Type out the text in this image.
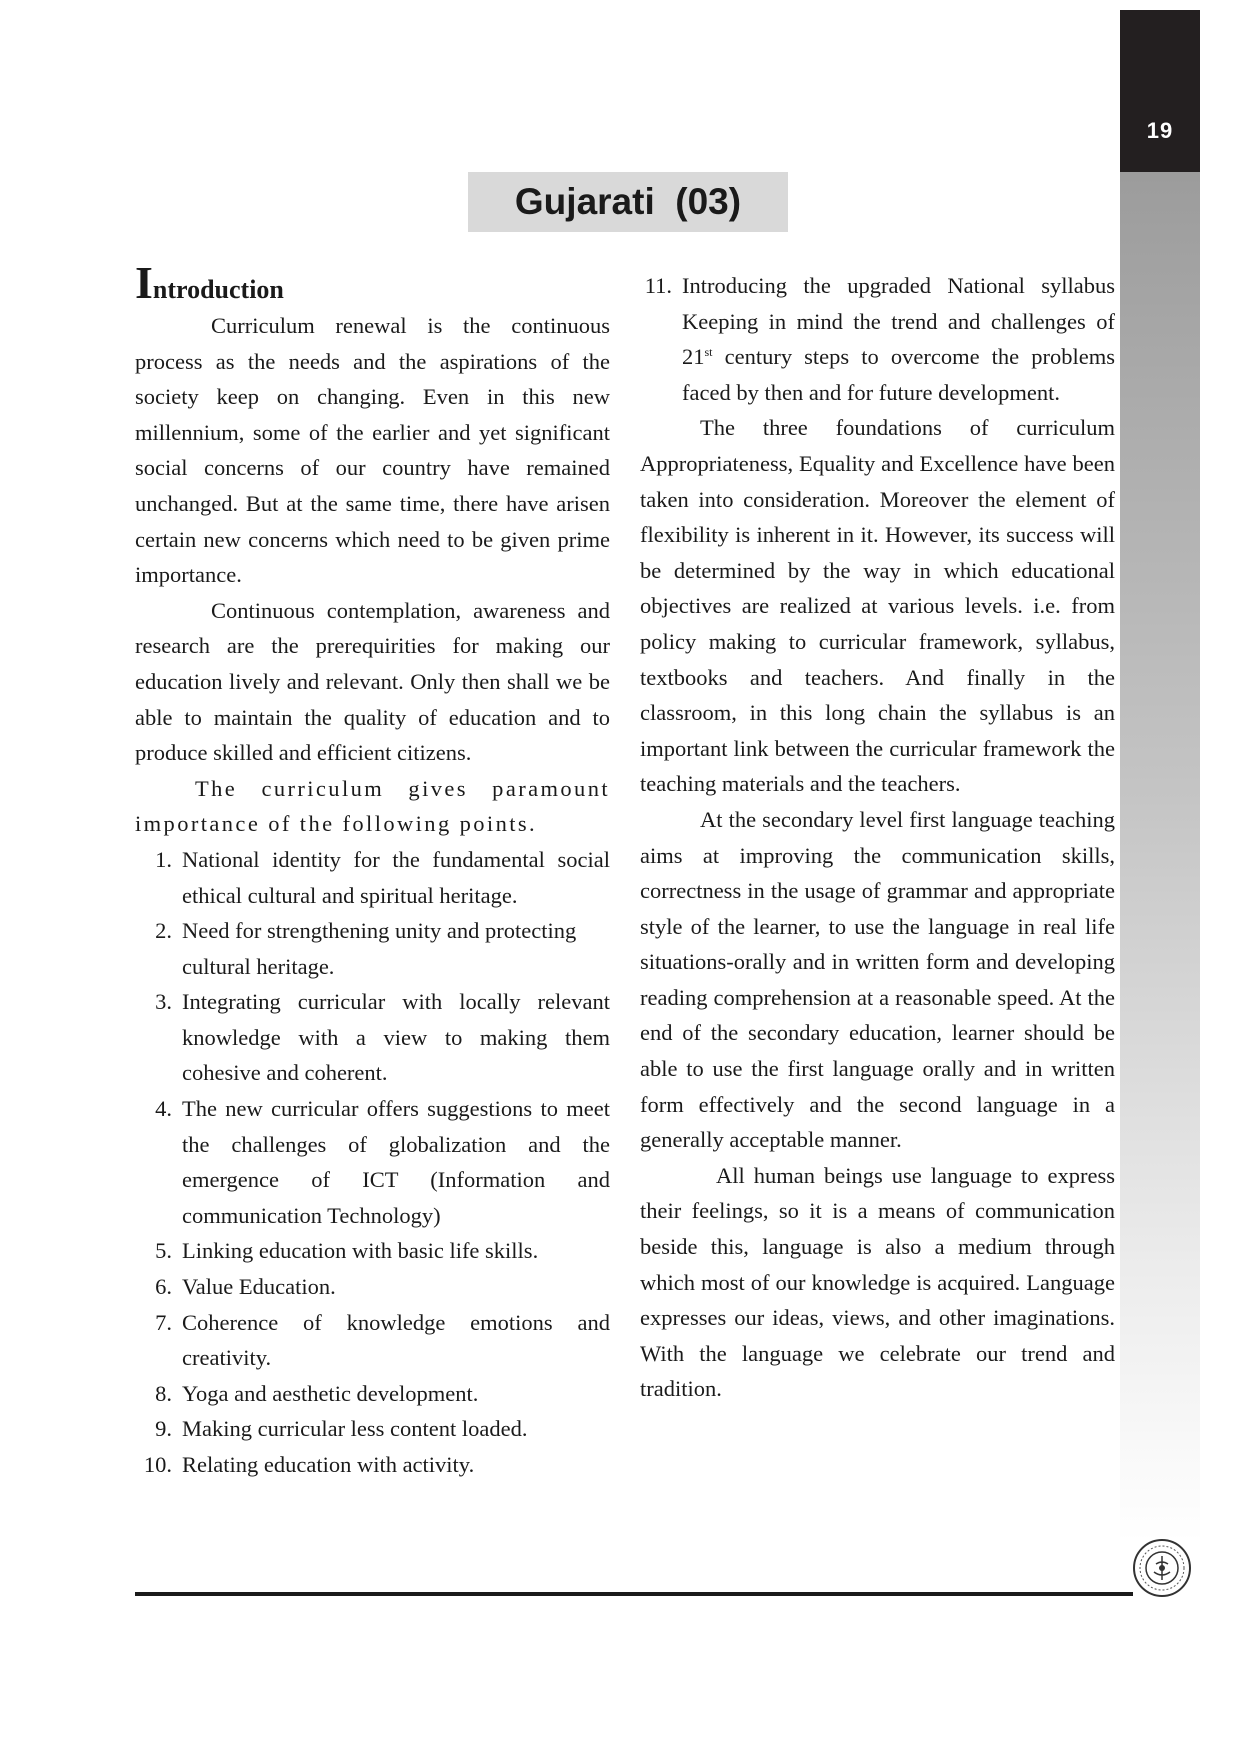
19
Gujarati  (03)
Introduction

Curriculum renewal is the continuous process as the needs and the aspirations of the society keep on changing. Even in this new millennium, some of the earlier and yet significant social concerns of our country have remained unchanged. But at the same time, there have arisen certain new concerns which need to be given prime importance.

Continuous contemplation, awareness and research are the prerequirities for making our education lively and relevant. Only then shall we be able to maintain the quality of education and to produce skilled and efficient citizens.

The curriculum gives paramount importance of the following points.

1. National identity for the fundamental social ethical cultural and spiritual heritage.
2. Need for strengthening unity and protecting cultural heritage.
3. Integrating curricular with locally relevant knowledge with a view to making them cohesive and coherent.
4. The new curricular offers suggestions to meet the challenges of globalization and the emergence of ICT (Information and communication Technology)
5. Linking education with basic life skills.
6. Value Education.
7. Coherence of knowledge emotions and creativity.
8. Yoga and aesthetic development.
9. Making curricular less content loaded.
10. Relating education with activity.
11. Introducing the upgraded National syllabus Keeping in mind the trend and challenges of 21st century steps to overcome the problems faced by then and for future development.

The three foundations of curriculum Appropriateness, Equality and Excellence have been taken into consideration. Moreover the element of flexibility is inherent in it. However, its success will be determined by the way in which educational objectives are realized at various levels. i.e. from policy making to curricular framework, syllabus, textbooks and teachers. And finally in the classroom, in this long chain the syllabus is an important link between the curricular framework the teaching materials and the teachers.

At the secondary level first language teaching aims at improving the communication skills, correctness in the usage of grammar and appropriate style of the learner, to use the language in real life situations-orally and in written form and developing reading comprehension at a reasonable speed. At the end of the secondary education, learner should be able to use the first language orally and in written form effectively and the second language in a generally acceptable manner.

All human beings use language to express their feelings, so it is a means of communication beside this, language is also a medium through which most of our knowledge is acquired. Language expresses our ideas, views, and other imaginations. With the language we celebrate our trend and tradition.
